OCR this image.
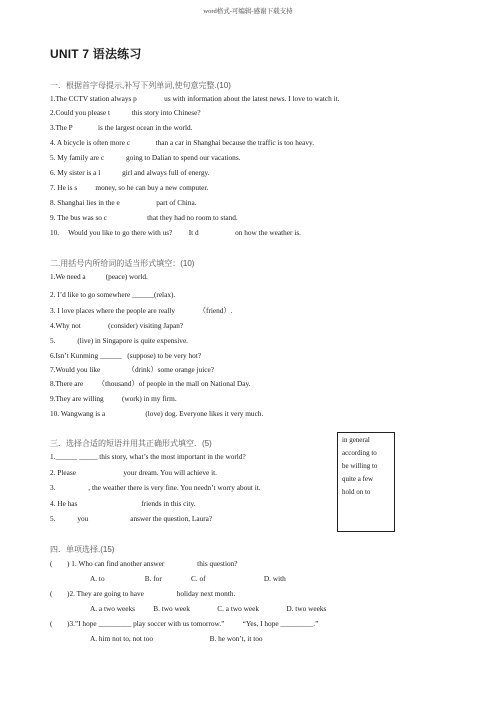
word格式-可编辑-感谢下载支持
UNIT 7 语法练习
一．根据首字母提示,补写下列单词,使句意完整.(10)
1.The CCTV station always p               us with information about the latest news. I love to watch it.
2.Could you please t            this story into Chinese?
3.The P              is the largest ocean in the world.
4. A bicycle is often more c              than a car in Shanghai because the traffic is too heavy.
5. My family are c            going to Dalian to spend our vacations.
6. My sister is a l            girl and always full of energy.
7. He is s          money, so he can buy a new computer.
8. Shanghai lies in the e                    part of China.
9. The bus was so c                      that they had no room to stand.
10.     Would you like to go there with us?         It d                    on how the weather is.
二.用括号内所给词的适当形式填空：(10)
1.We need a           (peace) world.
2. I’d like to go somewhere ______(relax).
3. I love places where the people are really             （friend）.
4.Why not               (consider) visiting Japan?
5.            (live) in Singapore is quite expensive.
6.Isn’t Kunming ______   (suppose) to be very hot?
7.Would you like               （drink）some orange juice?
8.There are        （thousand）of people in the mall on National Day.
9.They are willing          (work) in my firm.
10. Wangwang is a                      (love) dog. Everyone likes it very much.
三．选择合适的短语并用其正确形式填空．(5)
1.______ _____ this story, what’s the most important in the world?
2. Please                          your dream. You will achieve it.
3.                  , the weather there is very fine. You needn’t worry about it.
4. He has                                   friends in this city.
5.            you                       answer the question, Laura?
in general
according to
be willing to
quite a few
hold on to
四．单项选择.(15)
(        ) 1. Who can find another answer                  this question?
A. to                      B. for                C. of                                D. with
(        )2. They are going to have                  holiday next month.
A. a two weeks          B. two week               C. a two week               D. two weeks
(        )3.”I hope _________ play soccer with us tomorrow.”          “Yes, I hope _________.”
A. him not to, not too                               B. he won’t, it too
